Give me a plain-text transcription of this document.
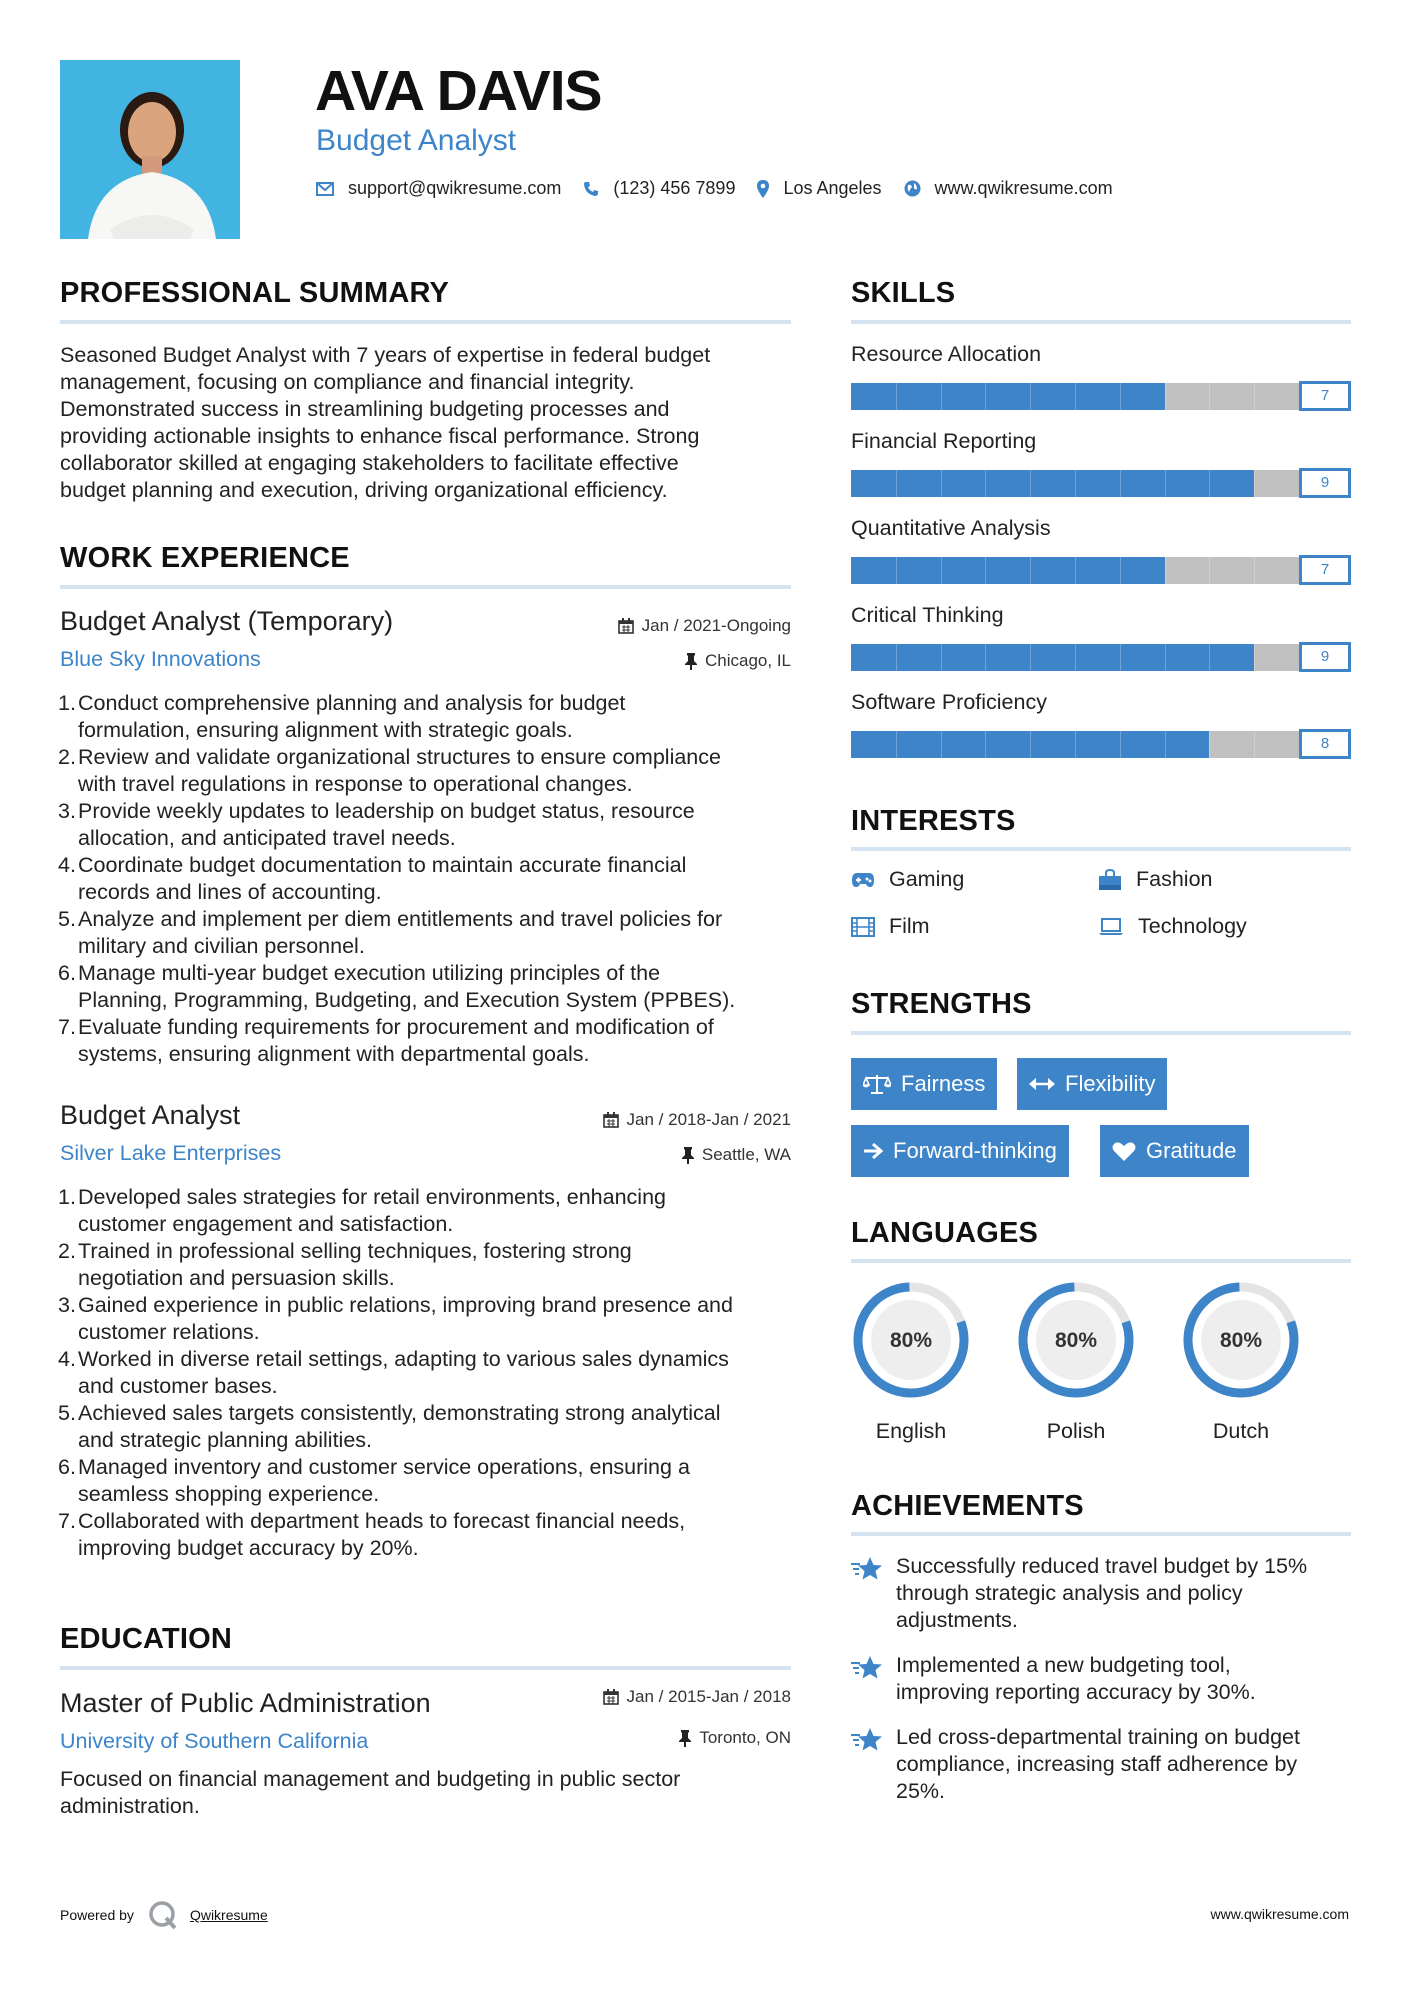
AVA DAVIS
Budget Analyst
support@qwikresume.com	(123) 456 7899	Los Angeles	www.qwikresume.com
PROFESSIONAL SUMMARY
Seasoned Budget Analyst with 7 years of expertise in federal budget
management, focusing on compliance and financial integrity.
Demonstrated success in streamlining budgeting processes and
providing actionable insights to enhance fiscal performance. Strong
collaborator skilled at engaging stakeholders to facilitate effective
budget planning and execution, driving organizational efficiency.
WORK EXPERIENCE
Budget Analyst (Temporary)
Blue Sky Innovations
Jan / 2021-Ongoing
Chicago, IL
1. Conduct comprehensive planning and analysis for budget
formulation, ensuring alignment with strategic goals.
2. Review and validate organizational structures to ensure compliance
with travel regulations in response to operational changes.
3. Provide weekly updates to leadership on budget status, resource
allocation, and anticipated travel needs.
4. Coordinate budget documentation to maintain accurate financial
records and lines of accounting.
5. Analyze and implement per diem entitlements and travel policies for
military and civilian personnel.
6. Manage multi-year budget execution utilizing principles of the
Planning, Programming, Budgeting, and Execution System (PPBES).
7. Evaluate funding requirements for procurement and modification of
systems, ensuring alignment with departmental goals.
Budget Analyst
Silver Lake Enterprises
Jan / 2018-Jan / 2021
Seattle, WA
1. Developed sales strategies for retail environments, enhancing
customer engagement and satisfaction.
2. Trained in professional selling techniques, fostering strong
negotiation and persuasion skills.
3. Gained experience in public relations, improving brand presence and
customer relations.
4. Worked in diverse retail settings, adapting to various sales dynamics
and customer bases.
5. Achieved sales targets consistently, demonstrating strong analytical
and strategic planning abilities.
6. Managed inventory and customer service operations, ensuring a
seamless shopping experience.
7. Collaborated with department heads to forecast financial needs,
improving budget accuracy by 20%.
EDUCATION
Master of Public Administration
University of Southern California
Jan / 2015-Jan / 2018
Toronto, ON
Focused on financial management and budgeting in public sector
administration.
SKILLS
Resource Allocation
7
Financial Reporting
9
Quantitative Analysis
7
Critical Thinking
9
Software Proficiency
8
INTERESTS
Gaming	Fashion
Film	Technology
STRENGTHS
Fairness	Flexibility
Forward-thinking	Gratitude
LANGUAGES
80%
English
80%
Polish
80%
Dutch
ACHIEVEMENTS
Successfully reduced travel budget by 15%
through strategic analysis and policy
adjustments.
Implemented a new budgeting tool,
improving reporting accuracy by 30%.
Led cross-departmental training on budget
compliance, increasing staff adherence by
25%.
Powered by	Qwikresume	www.qwikresume.com
